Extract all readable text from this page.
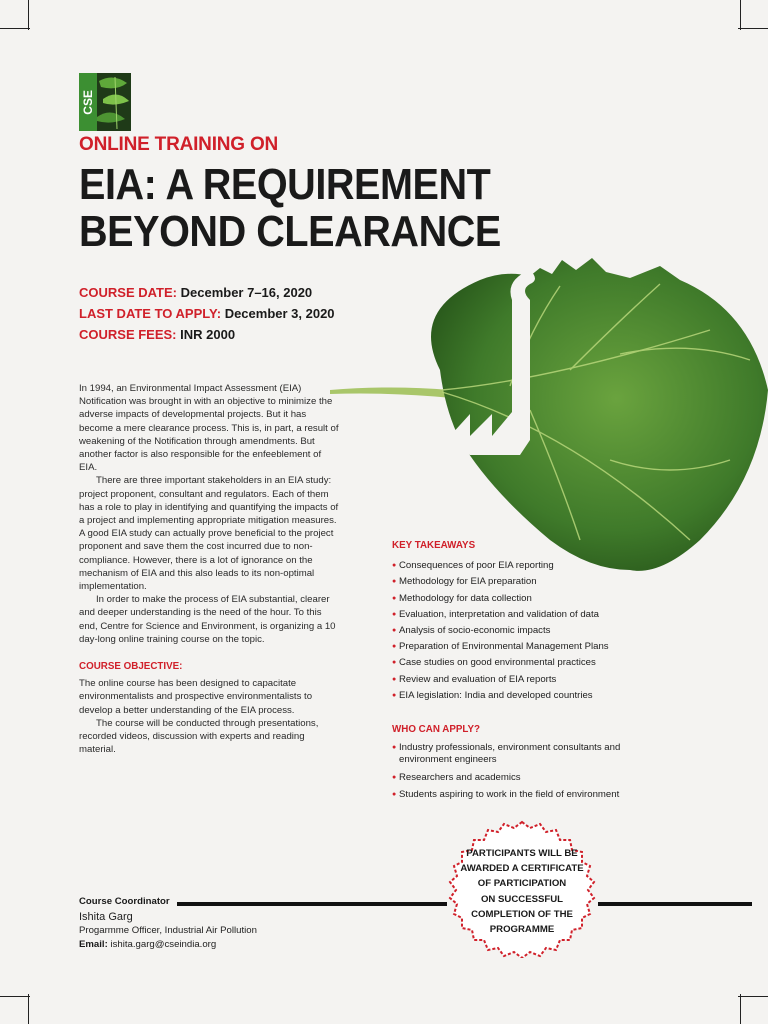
CSE
ONLINE TRAINING ON
EIA: A REQUIREMENT
BEYOND CLEARANCE
COURSE DATE: December 7–16, 2020
LAST DATE TO APPLY: December 3, 2020
COURSE FEES: INR 2000

In 1994, an Environmental Impact Assessment (EIA) Notification was brought in with an objective to minimize the adverse impacts of developmental projects. But it has become a mere clearance process. This is, in part, a result of weakening of the Notification through amendments. But another factor is also responsible for the enfeeblement of EIA.

There are three important stakeholders in an EIA study: project proponent, consultant and regulators. Each of them has a role to play in identifying and quantifying the impacts of a project and implementing appropriate mitigation measures. A good EIA study can actually prove beneficial to the project proponent and save them the cost incurred due to non-compliance. However, there is a lot of ignorance on the mechanism of EIA and this also leads to its non-optimal implementation.

In order to make the process of EIA substantial, clearer and deeper understanding is the need of the hour. To this end, Centre for Science and Environment, is organizing a 10 day-long online training course on the topic.

COURSE OBJECTIVE:

The online course has been designed to capacitate environmentalists and prospective environmentalists to develop a better understanding of the EIA process.

The course will be conducted through presentations, recorded videos, discussion with experts and reading material.

KEY TAKEAWAYS
● Consequences of poor EIA reporting
● Methodology for EIA preparation
● Methodology for data collection
● Evaluation, interpretation and validation of data
● Analysis of socio-economic impacts
● Preparation of Environmental Management Plans
● Case studies on good environmental practices
● Review and evaluation of EIA reports
● EIA legislation: India and developed countries
WHO CAN APPLY?
● Industry professionals, environment consultants and environment engineers
● Researchers and academics
● Students aspiring to work in the field of environment
PARTICIPANTS WILL BE
AWARDED A CERTIFICATE
OF PARTICIPATION
ON SUCCESSFUL
COMPLETION OF THE
PROGRAMME
Course Coordinator
Ishita Garg
Progarmme Officer, Industrial Air Pollution
Email: ishita.garg@cseindia.org
